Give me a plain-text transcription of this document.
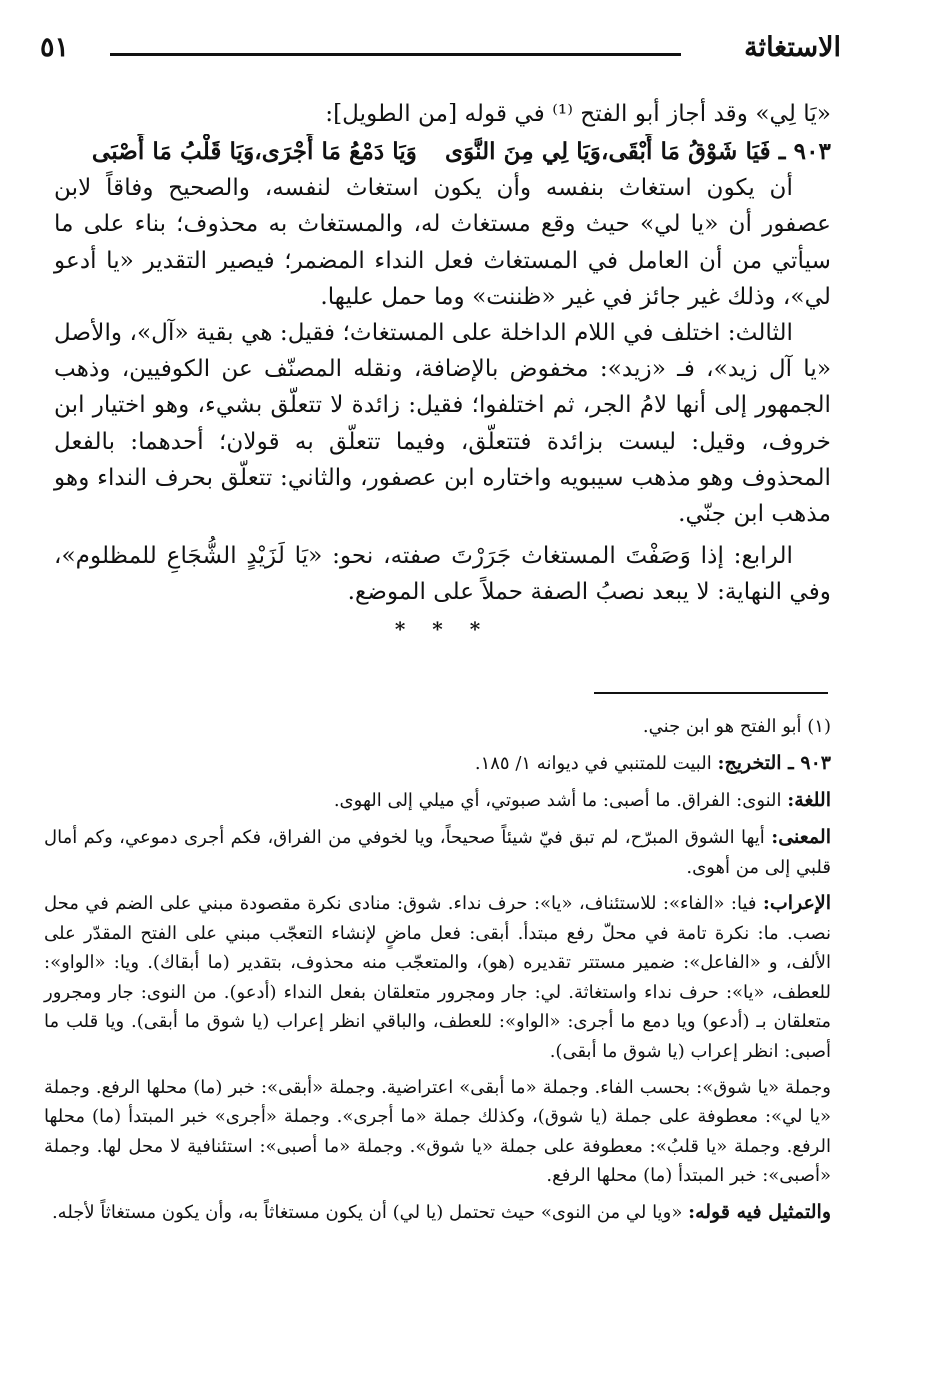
الاستغاثة
٥١

«يَا لِي» وقد أجاز أبو الفتح ⁽¹⁾ في قوله [من الطويل]:

٩٠٣ ـ فَيَا شَوْقُ مَا أَبْقَى،وَيَا لِي مِنَ النَّوَىوَيَا دَمْعُ مَا أَجْرَى،وَيَا قَلْبُ مَا أَصْبَى

أن يكون استغاث بنفسه وأن يكون استغاث لنفسه، والصحيح وفاقاً لابن عصفور أن «يا لي» حيث وقع مستغاث له، والمستغاث به محذوف؛ بناء على ما سيأتي من أن العامل في المستغاث فعل النداء المضمر؛ فيصير التقدير «يا أدعو لي»، وذلك غير جائز في غير «ظننت» وما حمل عليها.

الثالث: اختلف في اللام الداخلة على المستغاث؛ فقيل: هي بقية «آل»، والأصل «يا آل زيد»، فـ «زيد»: مخفوض بالإضافة، ونقله المصنّف عن الكوفيين، وذهب الجمهور إلى أنها لامُ الجر، ثم اختلفوا؛ فقيل: زائدة لا تتعلّق بشيء، وهو اختيار ابن خروف، وقيل: ليست بزائدة فتتعلّق، وفيما تتعلّق به قولان؛ أحدهما: بالفعل المحذوف وهو مذهب سيبويه واختاره ابن عصفور، والثاني: تتعلّق بحرف النداء وهو مذهب ابن جنّي.

الرابع: إذا وَصَفْتَ المستغاث جَرَرْتَ صفته، نحو: «يَا لَزَيْدٍ الشُّجَاعِ للمظلوم»، وفي النهاية: لا يبعد نصبُ الصفة حملاً على الموضع.

* * *

(١) أبو الفتح هو ابن جني.

٩٠٣ ـ التخريج: البيت للمتنبي في ديوانه ١/ ١٨٥.

اللغة: النوى: الفراق. ما أصبى: ما أشد صبوتي، أي ميلي إلى الهوى.

المعنى: أيها الشوق المبرّح، لم تبق فيّ شيئاً صحيحاً، ويا لخوفي من الفراق، فكم أجرى دموعي، وكم أمال قلبي إلى من أهوى.

الإعراب: فيا: «الفاء»: للاستئناف، «يا»: حرف نداء. شوق: منادى نكرة مقصودة مبني على الضم في محل نصب. ما: نكرة تامة في محلّ رفع مبتدأ. أبقى: فعل ماضٍ لإنشاء التعجّب مبني على الفتح المقدّر على الألف، و «الفاعل»: ضمير مستتر تقديره (هو)، والمتعجّب منه محذوف، بتقدير (ما أبقاك). ويا: «الواو»: للعطف، «يا»: حرف نداء واستغاثة. لي: جار ومجرور متعلقان بفعل النداء (أدعو). من النوى: جار ومجرور متعلقان بـ (أدعو) ويا دمع ما أجرى: «الواو»: للعطف، والباقي انظر إعراب (يا شوق ما أبقى). ويا قلب ما أصبى: انظر إعراب (يا شوق ما أبقى).

وجملة «يا شوق»: بحسب الفاء. وجملة «ما أبقى» اعتراضية. وجملة «أبقى»: خبر (ما) محلها الرفع. وجملة «يا لي»: معطوفة على جملة (يا شوق)، وكذلك جملة «ما أجرى». وجملة «أجرى» خبر المبتدأ (ما) محلها الرفع. وجملة «يا قلبُ»: معطوفة على جملة «يا شوق». وجملة «ما أصبى»: استئنافية لا محل لها. وجملة «أصبى»: خبر المبتدأ (ما) محلها الرفع.

والتمثيل فيه قوله: «ويا لي من النوى» حيث تحتمل (يا لي) أن يكون مستغاثاً به، وأن يكون مستغاثاً لأجله.
